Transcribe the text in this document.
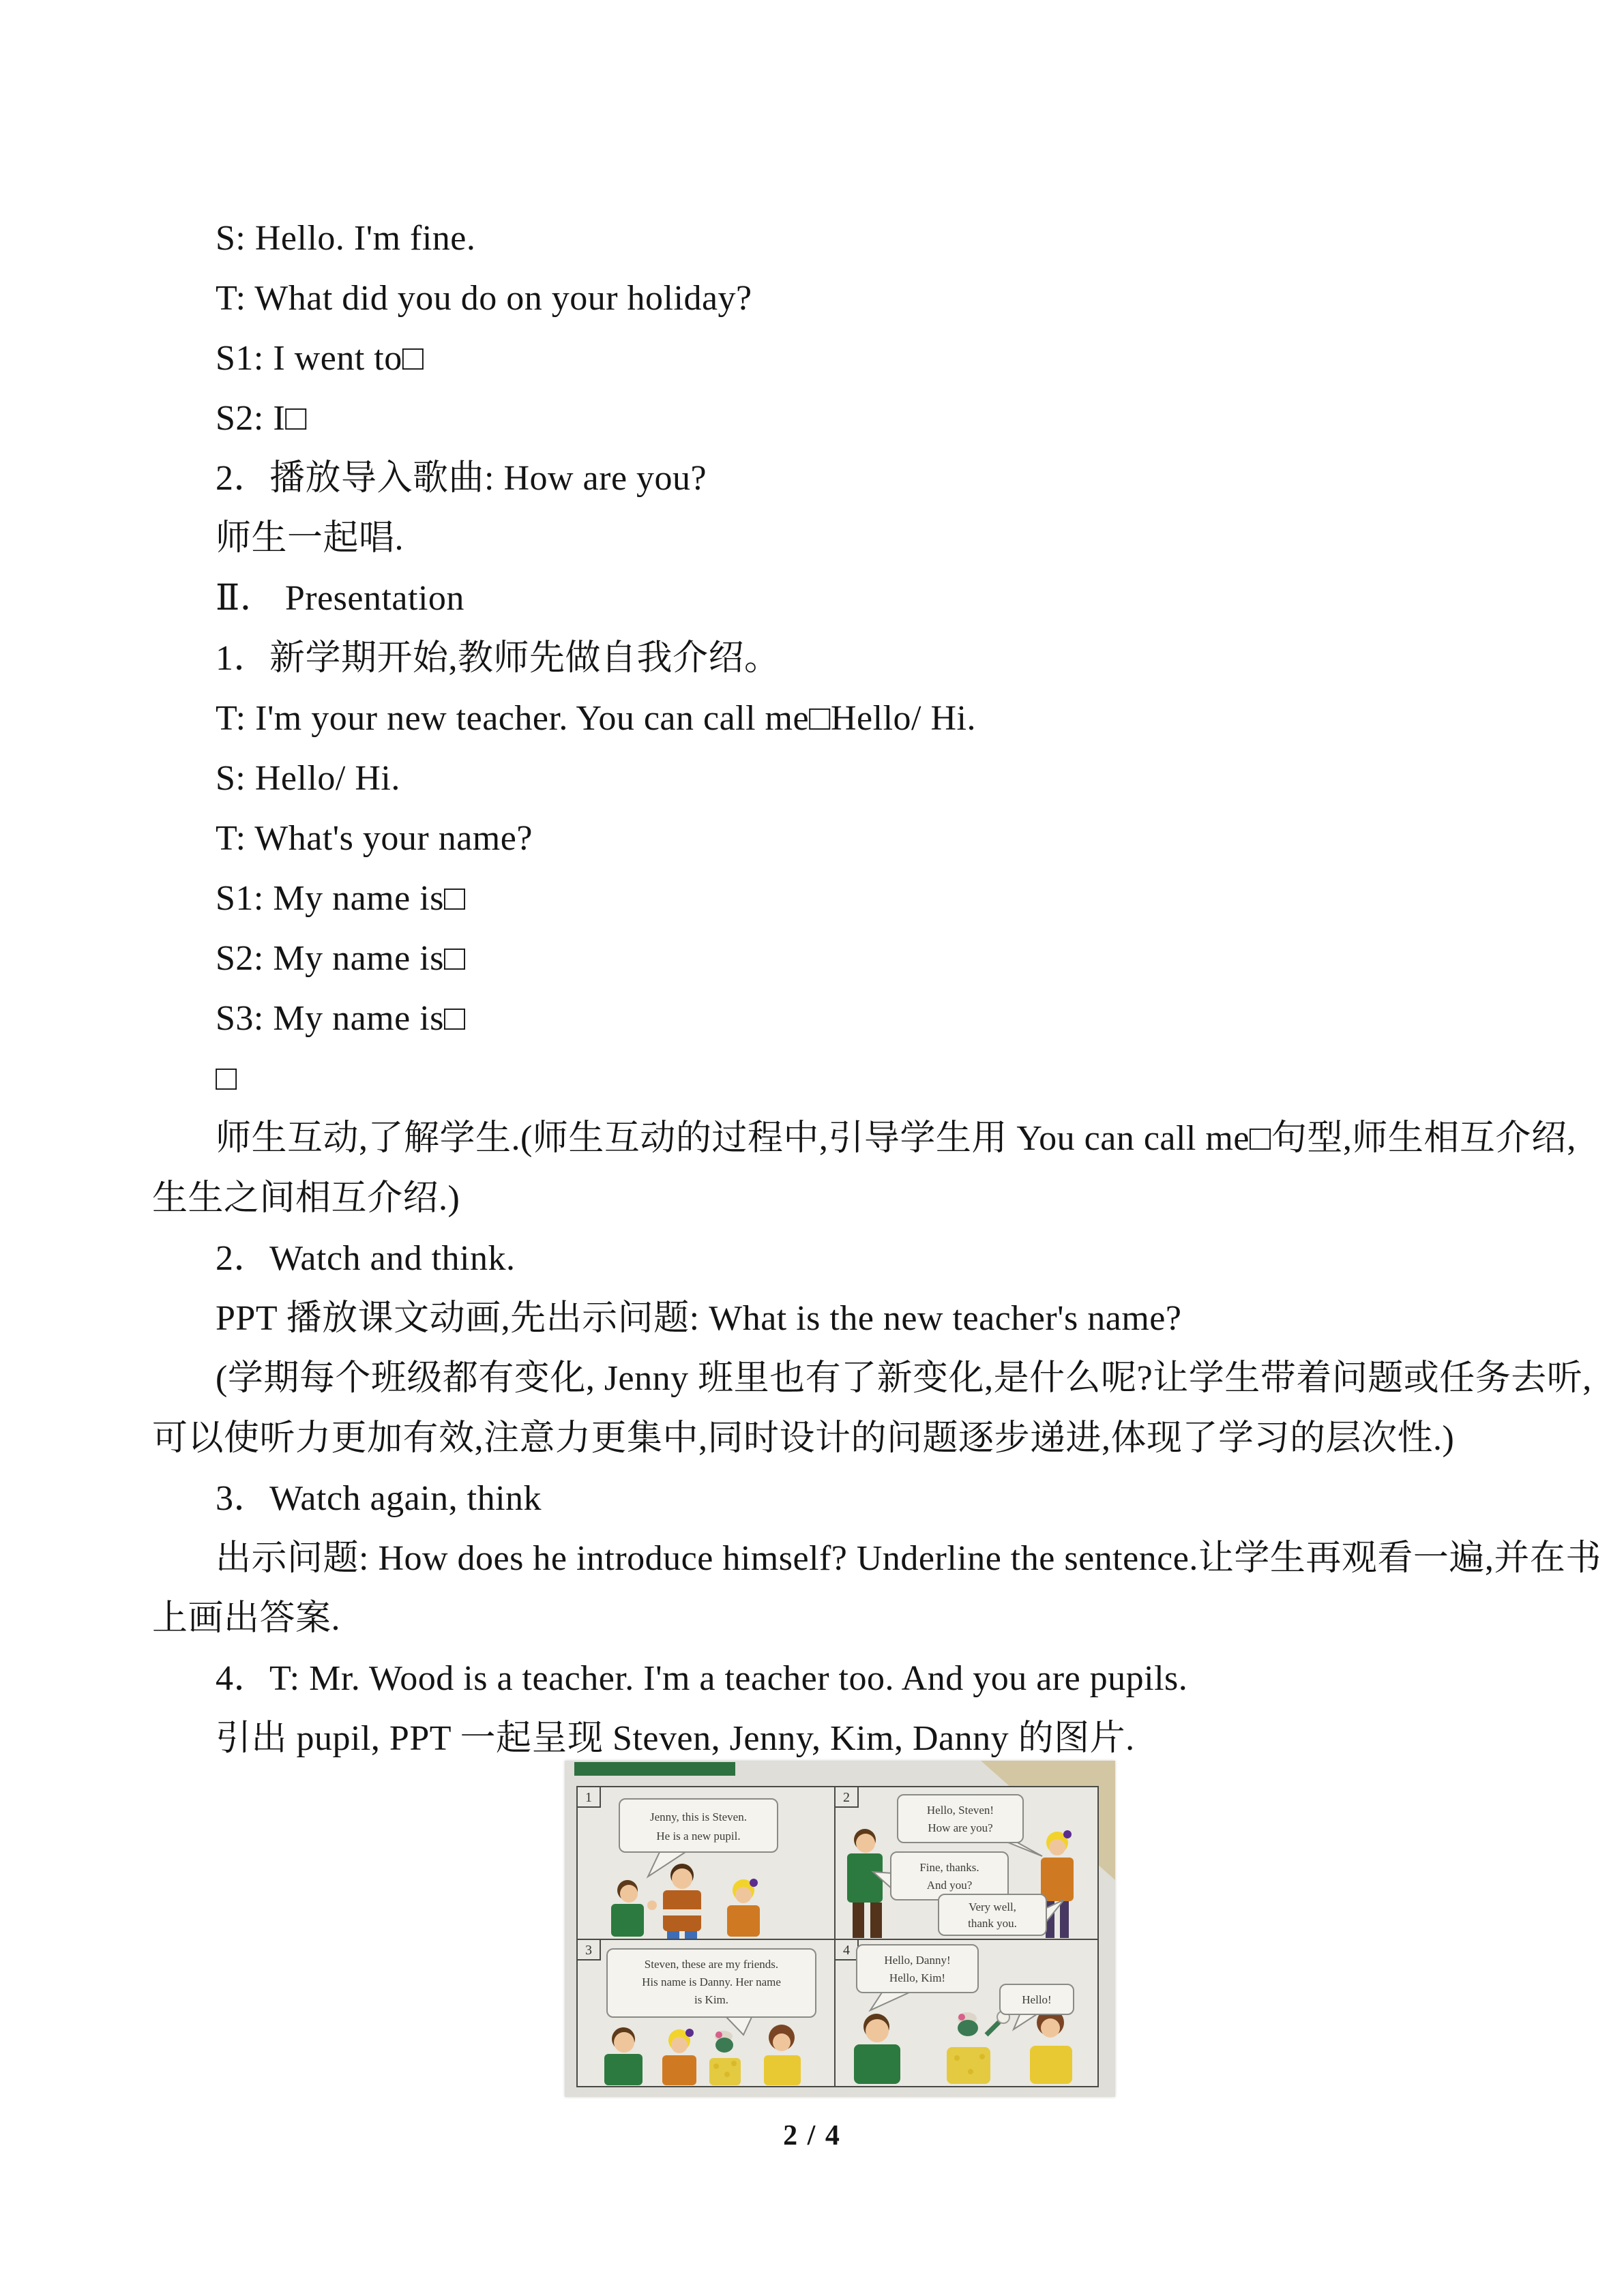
S: Hello. I'm fine.
T: What did you do on your holiday?
S1: I went to□
S2: I□
2．播放导入歌曲: How are you?
师生一起唱.
Ⅱ． Presentation
1．新学期开始,教师先做自我介绍。
T: I'm your new teacher. You can call me□Hello/ Hi.
S: Hello/ Hi.
T: What's your name?
S1: My name is□
S2: My name is□
S3: My name is□
□
师生互动,了解学生.(师生互动的过程中,引导学生用 You can call me□句型,师生相互介绍,
生生之间相互介绍.)
2．Watch and think.
PPT 播放课文动画,先出示问题: What is the new teacher's name?
(学期每个班级都有变化, Jenny 班里也有了新变化,是什么呢?让学生带着问题或任务去听,
可以使听力更加有效,注意力更集中,同时设计的问题逐步递进,体现了学习的层次性.)
3．Watch again, think
出示问题: How does he introduce himself? Underline the sentence.让学生再观看一遍,并在书
上画出答案.
4．T: Mr. Wood is a teacher. I'm a teacher too. And you are pupils.
引出 pupil, PPT 一起呈现 Steven, Jenny, Kim, Danny 的图片.
1
Jenny, this is Steven.
He is a new pupil.
2
Hello, Steven!
How are you?
Fine, thanks.
And you?
Very well,
thank you.
3
Steven, these are my friends.
His name is Danny. Her name
is Kim.
4
Hello, Danny!
Hello, Kim!
Hello!
2 / 4
